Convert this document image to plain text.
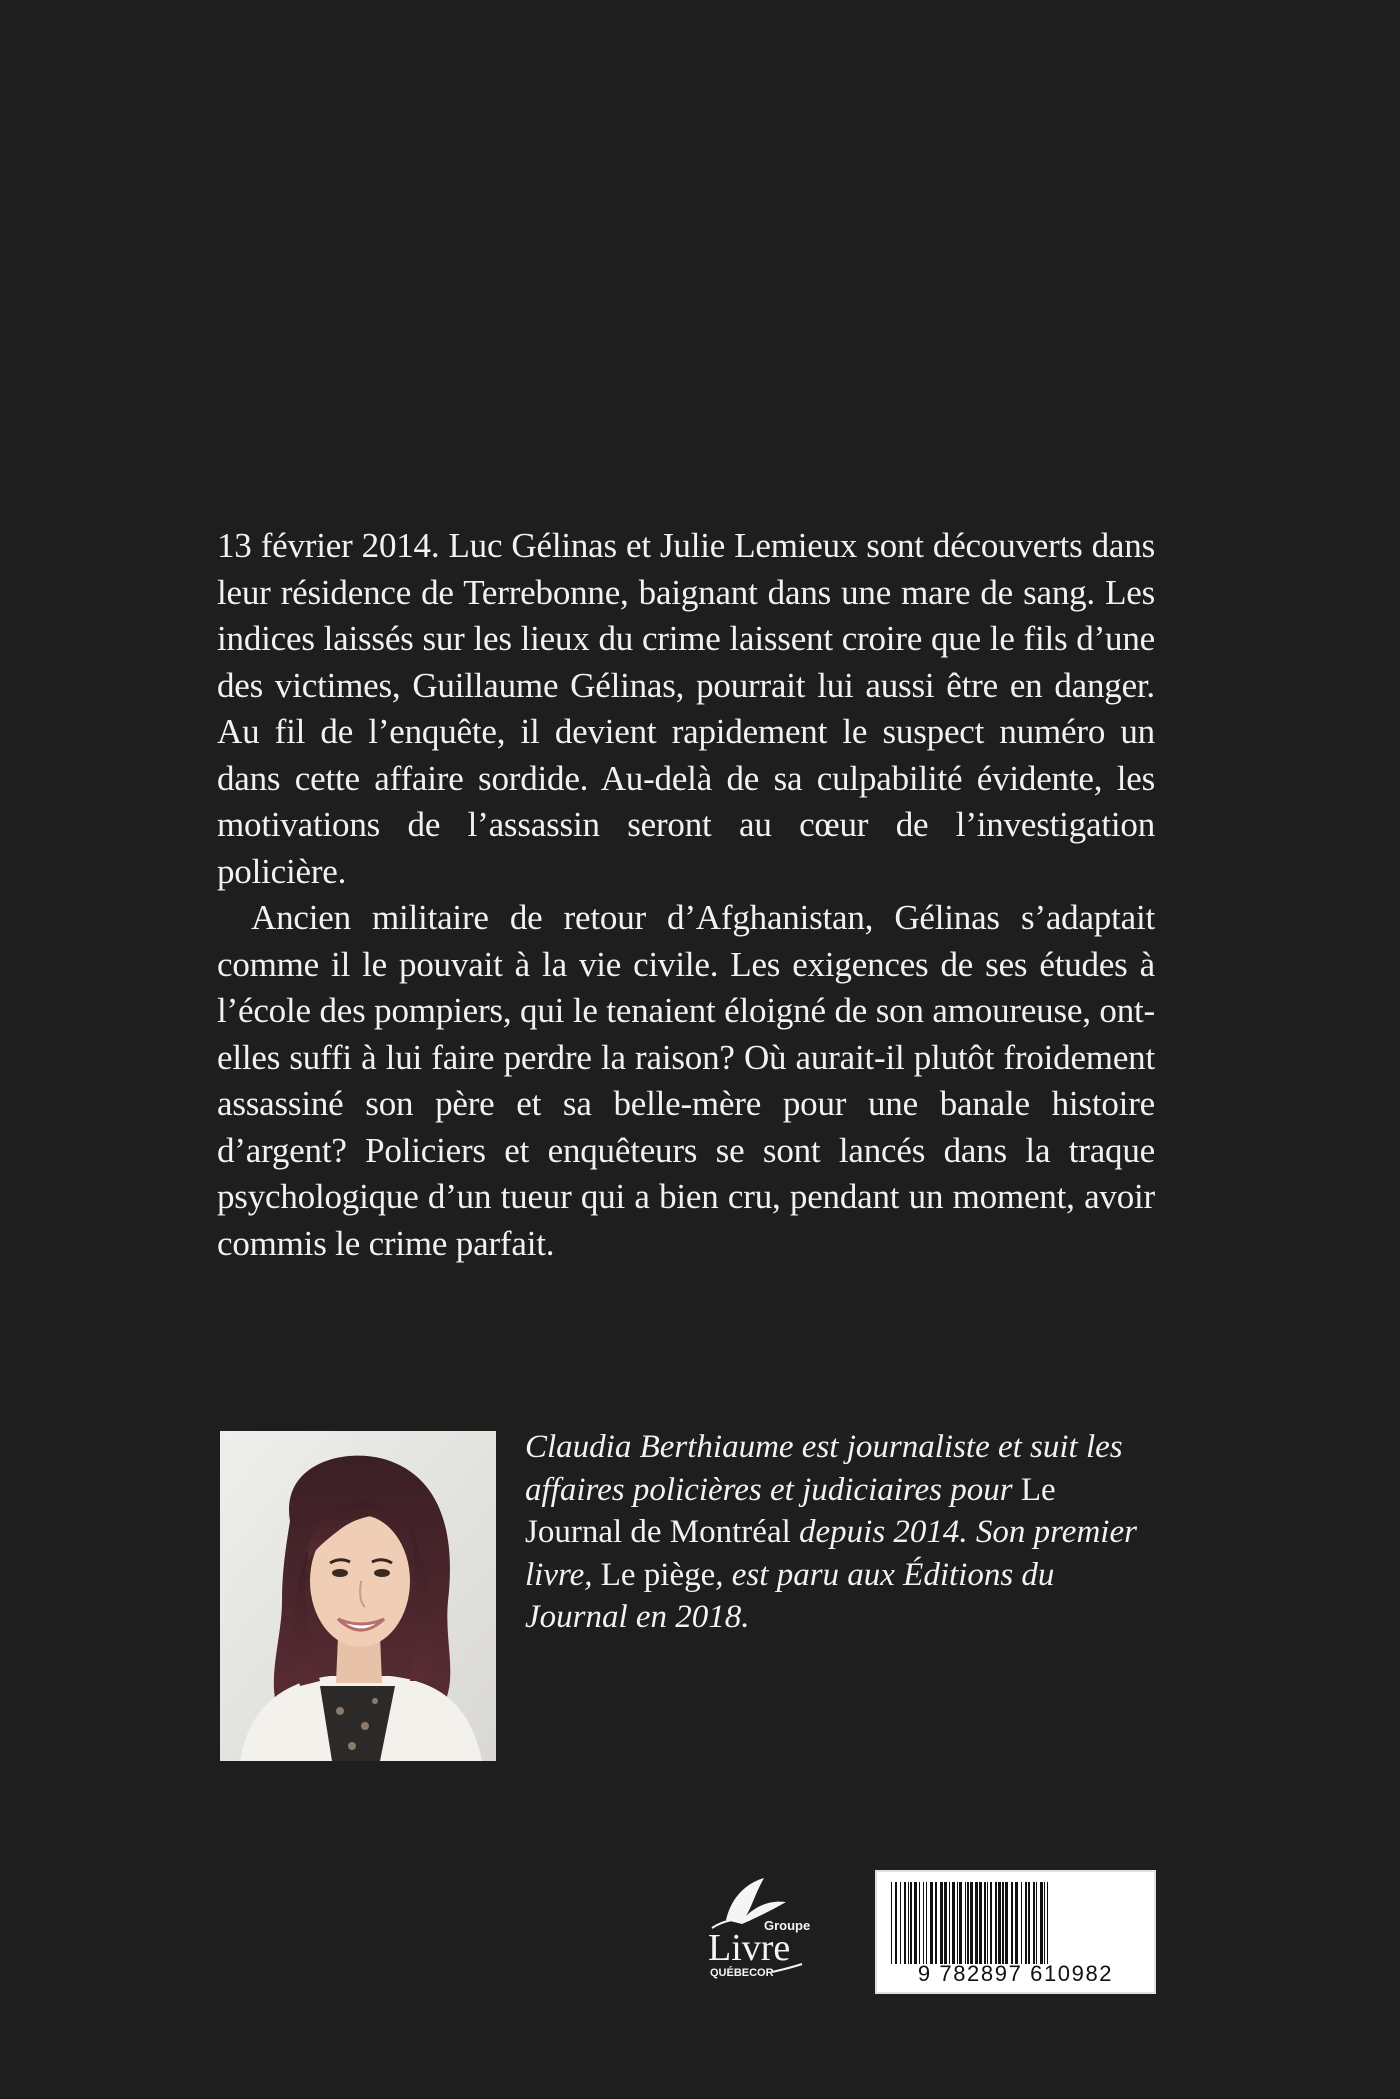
13 février 2014. Luc Gélinas et Julie Lemieux sont découverts dans leur résidence de Terrebonne, baignant dans une mare de sang. Les indices laissés sur les lieux du crime laissent croire que le fils d’une des victimes, Guillaume Gélinas, pourrait lui aussi être en danger. Au fil de l’enquête, il devient rapidement le suspect numéro un dans cette affaire sordide. Au-delà de sa culpabilité évidente, les motivations de l’assassin seront au cœur de l’investigation policière.

Ancien militaire de retour d’Afghanistan, Gélinas s’adaptait comme il le pouvait à la vie civile. Les exigences de ses études à l’école des pompiers, qui le tenaient éloigné de son amoureuse, ont-elles suffi à lui faire perdre la raison? Où aurait-il plutôt froidement assassiné son père et sa belle-mère pour une banale histoire d’argent? Policiers et enquêteurs se sont lancés dans la traque psychologique d’un tueur qui a bien cru, pendant un moment, avoir commis le crime parfait.

Claudia Berthiaume est journaliste et suit les affaires policières et judiciaires pour Le Journal de Montréal depuis 2014. Son premier livre, Le piège, est paru aux Éditions du Journal en 2018.
Groupe
Livre
QUÉBECOR	9 782897 610982
